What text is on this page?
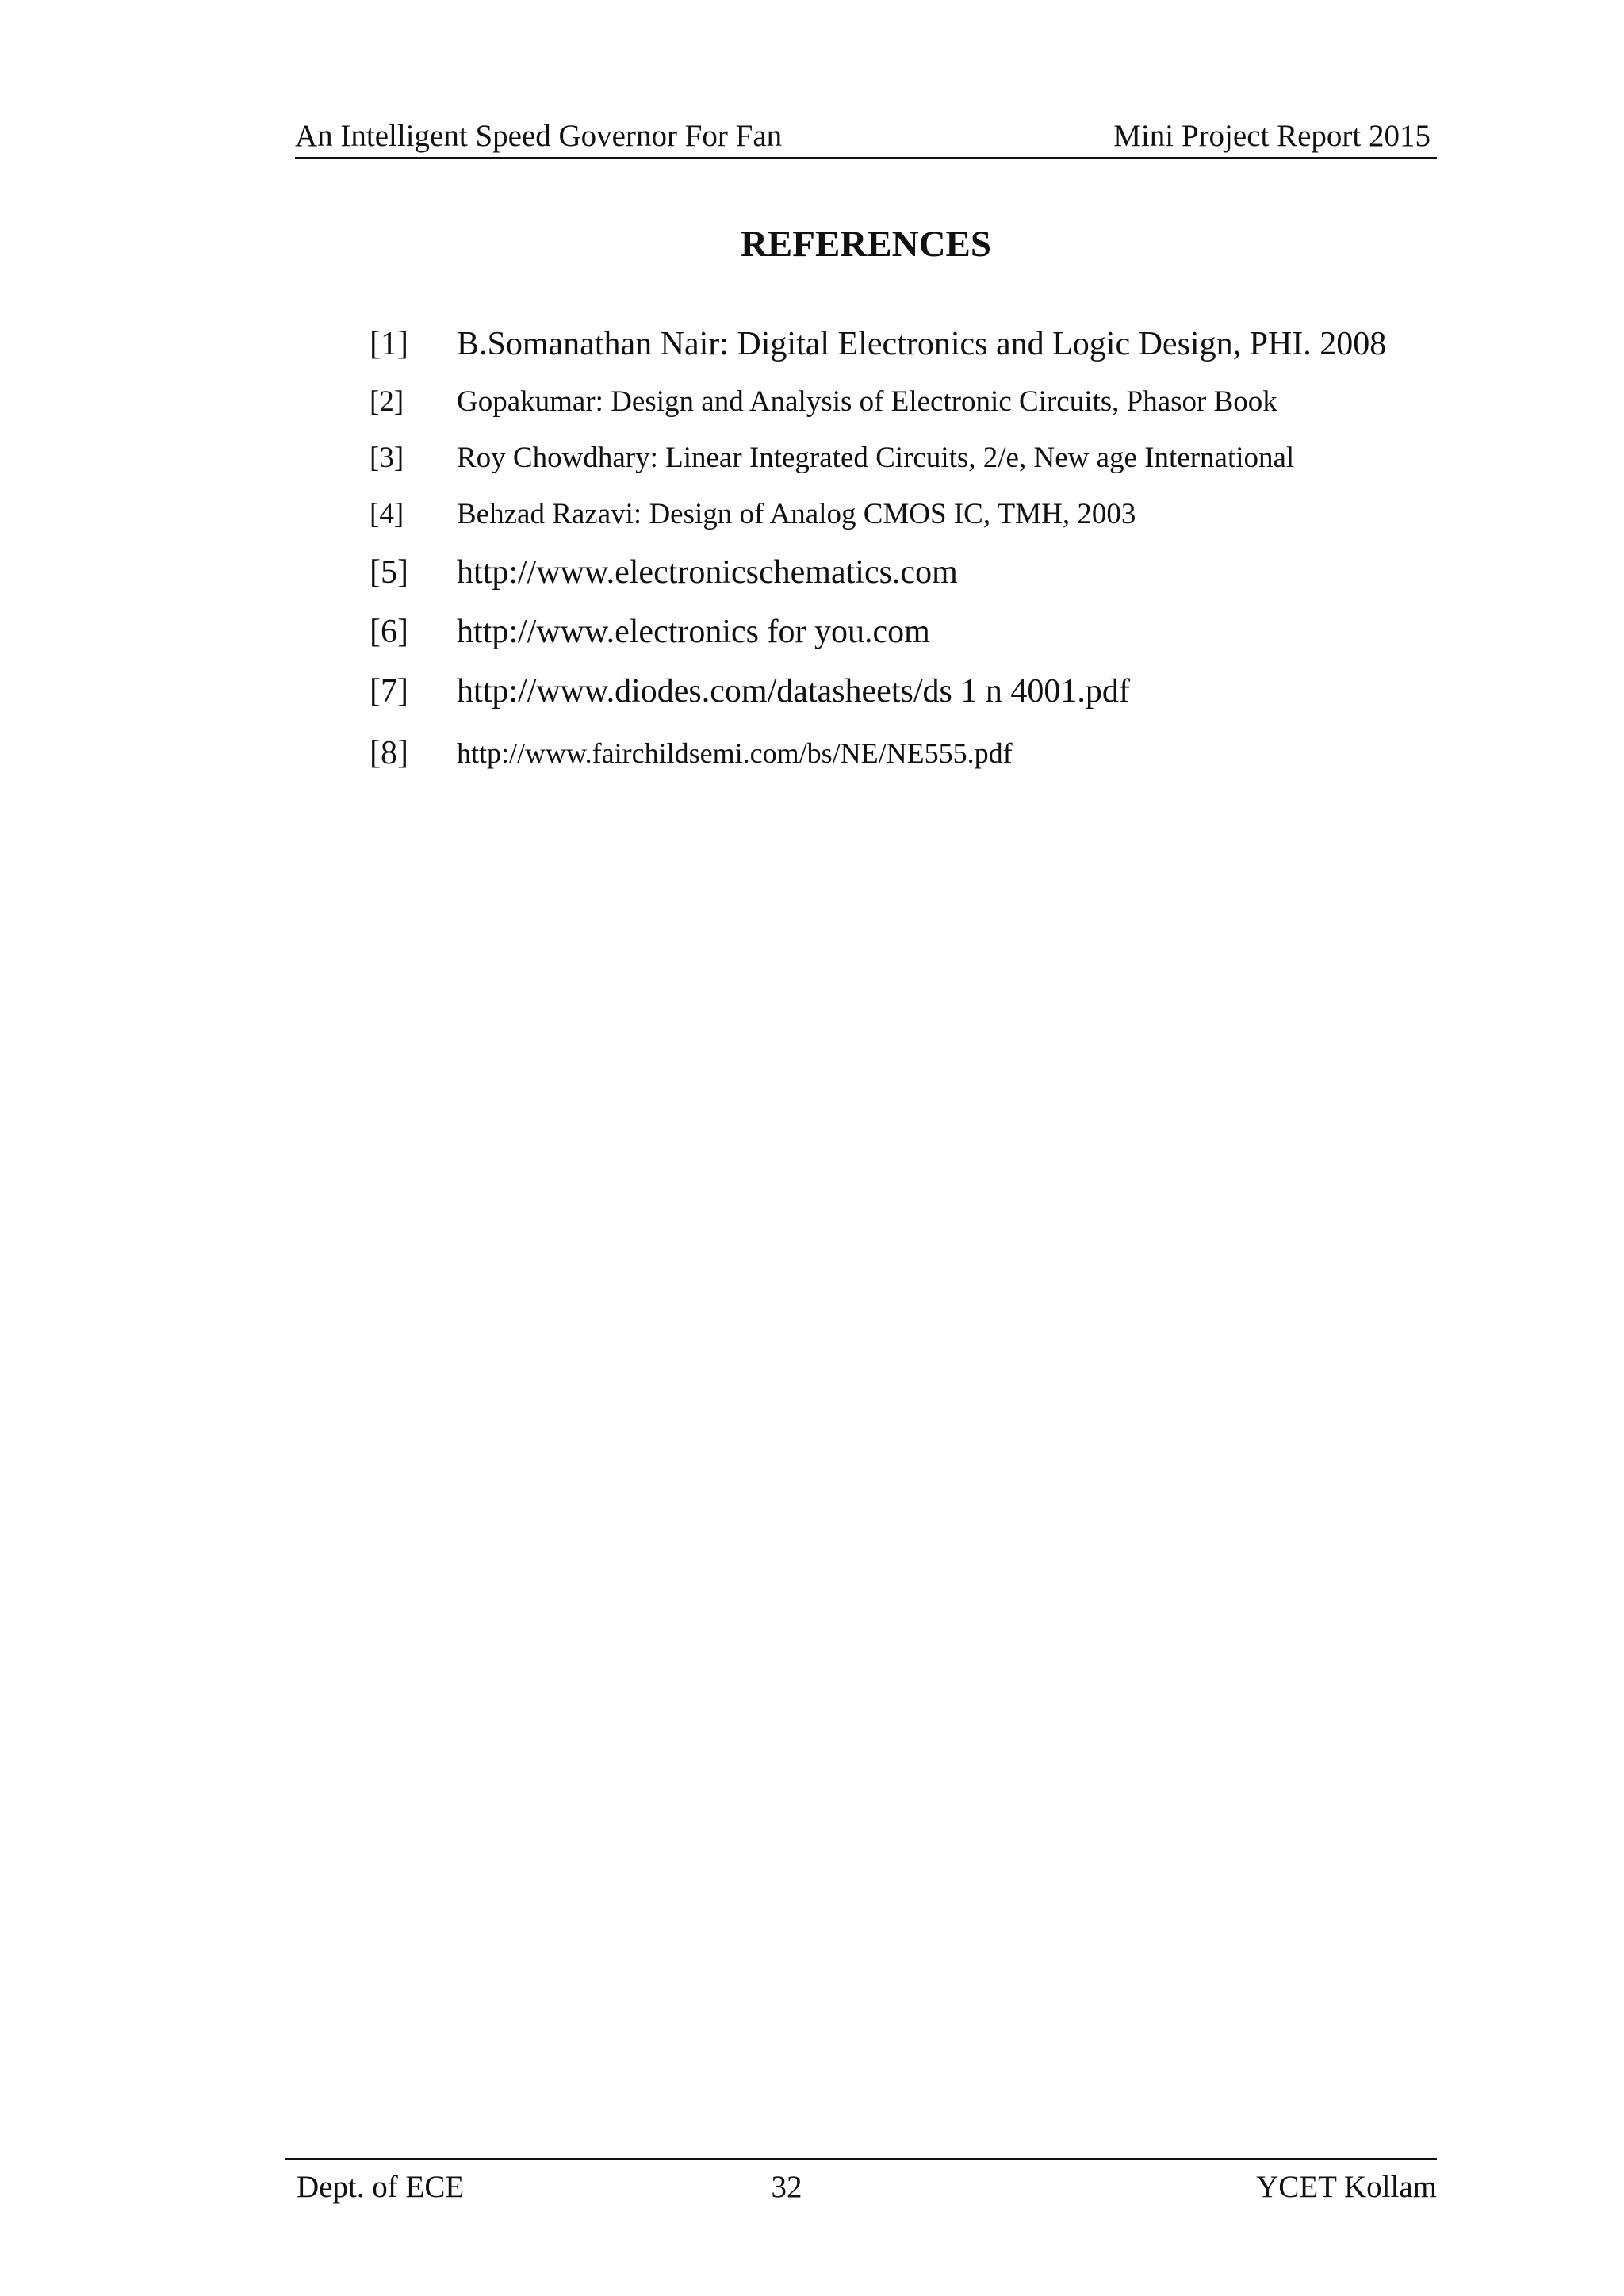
An Intelligent Speed Governor For Fan	Mini Project Report 2015
REFERENCES
[1] B.Somanathan Nair: Digital Electronics and Logic Design, PHI. 2008
[2] Gopakumar: Design and Analysis of Electronic Circuits, Phasor Book
[3] Roy Chowdhary: Linear Integrated Circuits, 2/e, New age International
[4] Behzad Razavi: Design of Analog CMOS IC, TMH, 2003
[5] http://www.electronicschematics.com
[6] http://www.electronics for you.com
[7] http://www.diodes.com/datasheets/ds 1 n 4001.pdf
[8] http://www.fairchildsemi.com/bs/NE/NE555.pdf
Dept. of ECE	32	YCET Kollam
